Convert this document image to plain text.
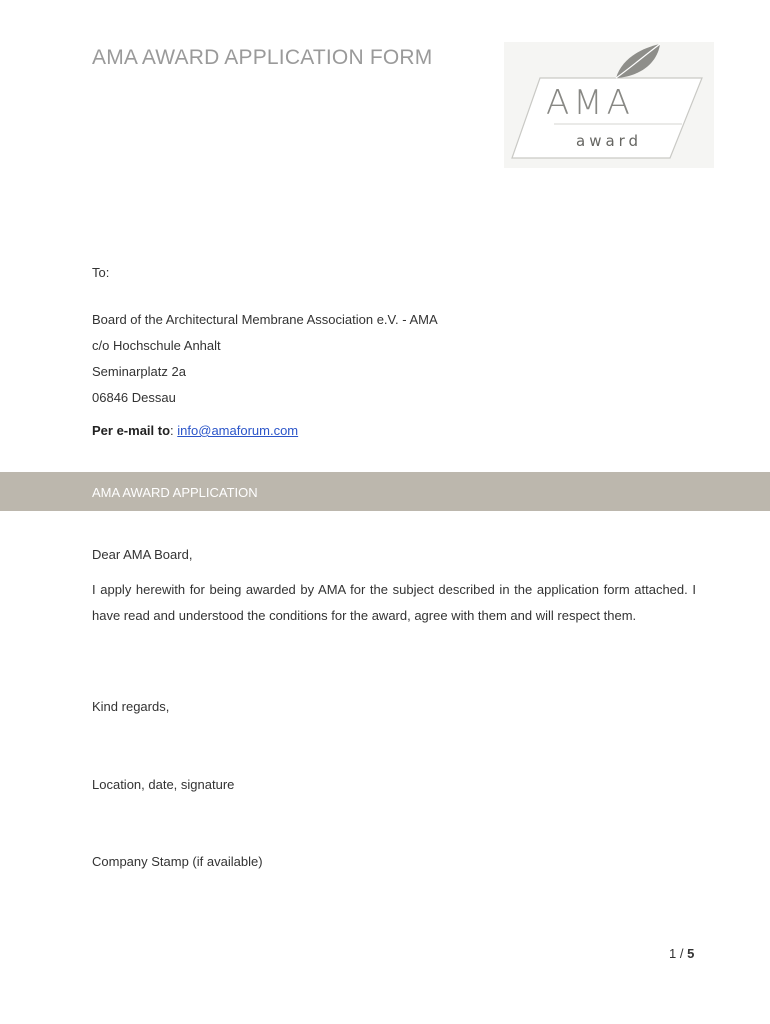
AMA AWARD APPLICATION FORM
AMA
award
To:
Board of the Architectural Membrane Association e.V. - AMA
c/o Hochschule Anhalt
Seminarplatz 2a
06846 Dessau
Per e-mail to: info@amaforum.com
AMA AWARD APPLICATION
Dear AMA Board,
I apply herewith for being awarded by AMA for the subject described in the application form attached. I have read and understood the conditions for the award, agree with them and will respect them.
Kind regards,
Location, date, signature
Company Stamp (if available)
1 / 5
